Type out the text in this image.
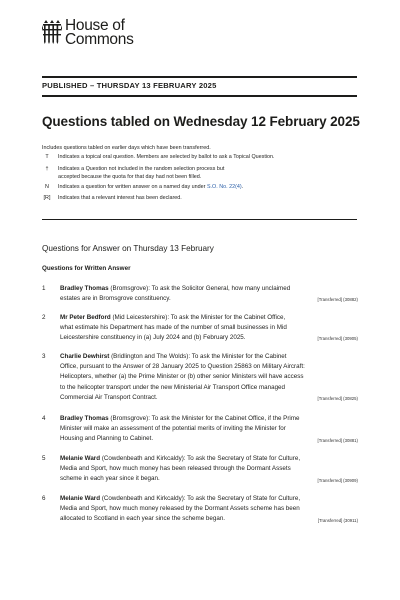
House of
Commons
PUBLISHED – THURSDAY 13 FEBRUARY 2025
Questions tabled on Wednesday 12 February 2025
Includes questions tabled on earlier days which have been transferred.
T	Indicates a topical oral question. Members are selected by ballot to ask a Topical Question.
†	Indicates a Question not included in the random selection process but
accepted because the quota for that day had not been filled.
N	Indicates a question for written answer on a named day under S.O. No. 22(4).
[R] Indicates that a relevant interest has been declared.
Questions for Answer on Thursday 13 February
Questions for Written Answer
1 Bradley Thomas (Bromsgrove): To ask the Solicitor General, how many unclaimed
estates are in Bromsgrove constituency.	[Transferred] (30882)
2 Mr Peter Bedford (Mid Leicestershire): To ask the Minister for the Cabinet Office,
what estimate his Department has made of the number of small businesses in Mid
Leicestershire constituency in (a) July 2024 and (b) February 2025.	[Transferred] (30905)
3 Charlie Dewhirst (Bridlington and The Wolds): To ask the Minister for the Cabinet
Office, pursuant to the Answer of 28 January 2025 to Question 25863 on Military Aircraft:
Helicopters, whether (a) the Prime Minister or (b) other senior Ministers will have access
to the helicopter transport under the new Ministerial Air Transport Office managed
Commercial Air Transport Contract.	[Transferred] (30825)
4 Bradley Thomas (Bromsgrove): To ask the Minister for the Cabinet Office, if the Prime
Minister will make an assessment of the potential merits of inviting the Minister for
Housing and Planning to Cabinet.	[Transferred] (30881)
5 Melanie Ward (Cowdenbeath and Kirkcaldy): To ask the Secretary of State for Culture,
Media and Sport, how much money has been released through the Dormant Assets
scheme in each year since it began.	[Transferred] (30909)
6 Melanie Ward (Cowdenbeath and Kirkcaldy): To ask the Secretary of State for Culture,
Media and Sport, how much money released by the Dormant Assets scheme has been
allocated to Scotland in each year since the scheme began.	[Transferred] (30911)
